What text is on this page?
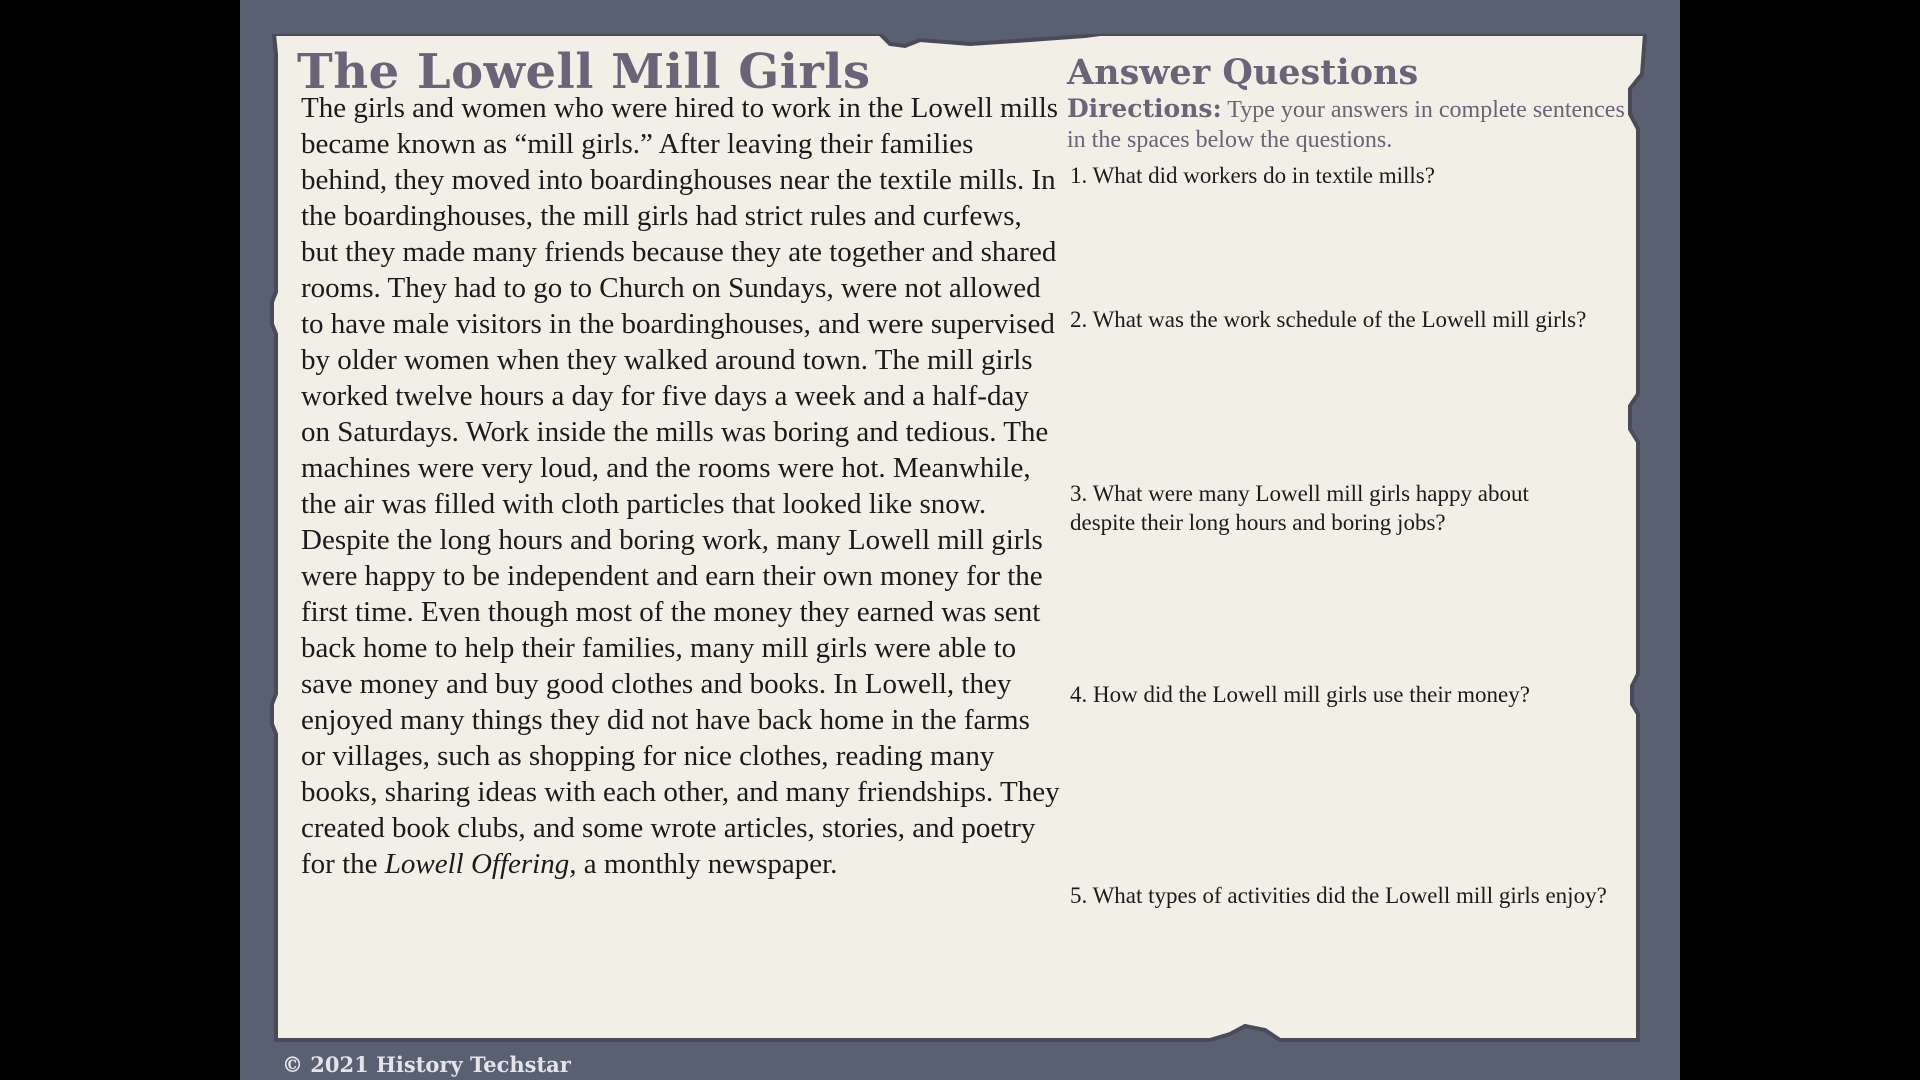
The Lowell Mill Girls

The girls and women who were hired to work in the Lowell mills became known as “mill girls.” After leaving their families behind, they moved into boardinghouses near the textile mills. In the boardinghouses, the mill girls had strict rules and curfews, but they made many friends because they ate together and shared rooms. They had to go to Church on Sundays, were not allowed to have male visitors in the boardinghouses, and were supervised by older women when they walked around town. The mill girls worked twelve hours a day for five days a week and a half-day on Saturdays. Work inside the mills was boring and tedious. The machines were very loud, and the rooms were hot. Meanwhile, the air was filled with cloth particles that looked like snow. Despite the long hours and boring work, many Lowell mill girls were happy to be independent and earn their own money for the first time. Even though most of the money they earned was sent back home to help their families, many mill girls were able to save money and buy good clothes and books. In Lowell, they enjoyed many things they did not have back home in the farms or villages, such as shopping for nice clothes, reading many books, sharing ideas with each other, and many friendships. They created book clubs, and some wrote articles, stories, and poetry for the Lowell Offering, a monthly newspaper.

Answer Questions

Directions: Type your answers in complete sentences in the spaces below the questions.

1. What did workers do in textile mills?

2. What was the work schedule of the Lowell mill girls?

3. What were many Lowell mill girls happy about despite their long hours and boring jobs?

4. How did the Lowell mill girls use their money?

5. What types of activities did the Lowell mill girls enjoy?

© 2021 History Techstar
